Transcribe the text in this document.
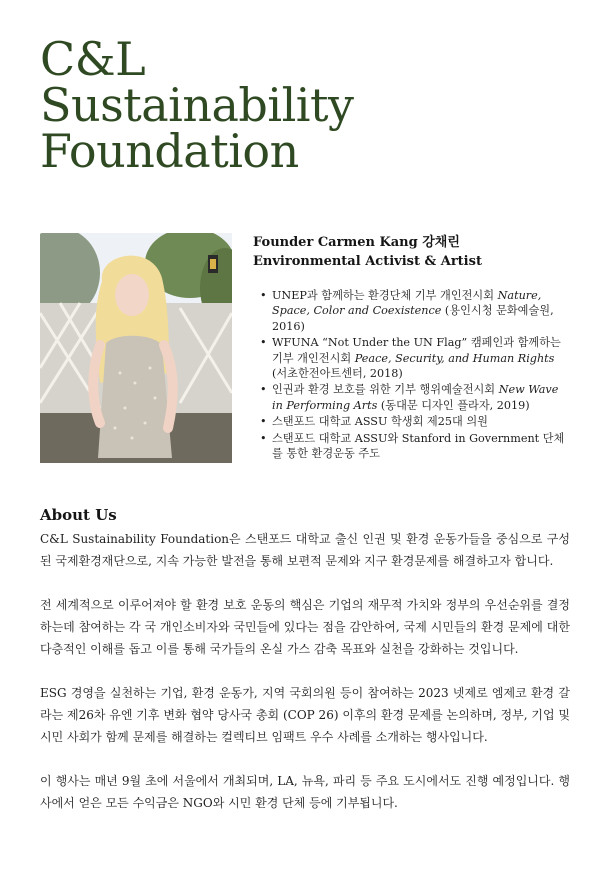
C&L
Sustainability
Foundation
Founder Carmen Kang 강채린
Environmental Activist & Artist
• UNEP과 함께하는 환경단체 기부 개인전시회 Nature, Space, Color and Coexistence (용인시청 문화예술원, 2016)
• WFUNA “Not Under the UN Flag” 캠페인과 함께하는 기부 개인전시회 Peace, Security, and Human Rights (서초한전아트센터, 2018)
• 인권과 환경 보호를 위한 기부 행위예술전시회 New Wave in Performing Arts (동대문 디자인 플라자, 2019)
• 스탠포드 대학교 ASSU 학생회 제25대 의원
• 스탠포드 대학교 ASSU와 Stanford in Government 단체를 통한 환경운동 주도
About Us

C&L Sustainability Foundation은 스탠포드 대학교 출신 인권 및 환경 운동가들을 중심으로 구성된 국제환경재단으로, 지속 가능한 발전을 통해 보편적 문제와 지구 환경문제를 해결하고자 합니다.

전 세계적으로 이루어져야 할 환경 보호 운동의 핵심은 기업의 재무적 가치와 정부의 우선순위를 결정하는데 참여하는 각 국 개인소비자와 국민들에 있다는 점을 감안하여, 국제 시민들의 환경 문제에 대한 다층적인 이해를 돕고 이를 통해 국가들의 온실 가스 감축 목표와 실천을 강화하는 것입니다.

ESG 경영을 실천하는 기업, 환경 운동가, 지역 국회의원 등이 참여하는 2023 넷제로 엠제코 환경 갈라는 제26차 유엔 기후 변화 협약 당사국 총회 (COP 26) 이후의 환경 문제를 논의하며, 정부, 기업 및 시민 사회가 함께 문제를 해결하는 컬렉티브 임팩트 우수 사례를 소개하는 행사입니다.

이 행사는 매년 9월 초에 서울에서 개최되며, LA, 뉴욕, 파리 등 주요 도시에서도 진행 예정입니다. 행사에서 얻은 모든 수익금은 NGO와 시민 환경 단체 등에 기부됩니다.
